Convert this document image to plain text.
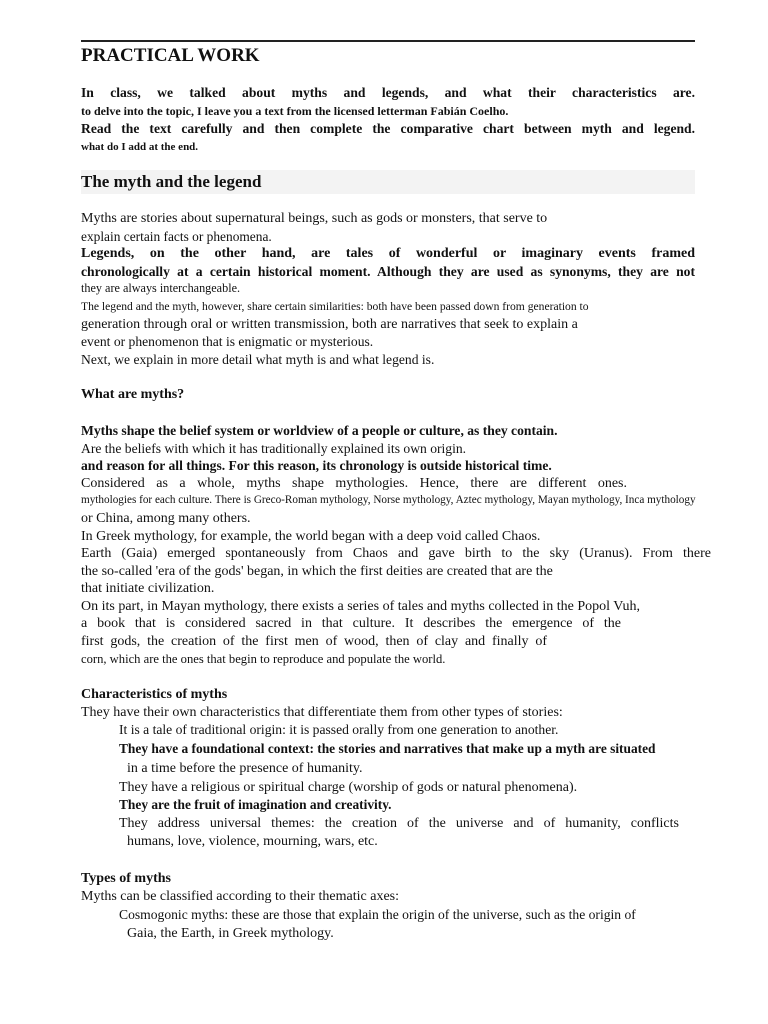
PRACTICAL WORK
In class, we talked about myths and legends, and what their characteristics are.
to delve into the topic, I leave you a text from the licensed letterman Fabián Coelho.
Read the text carefully and then complete the comparative chart between myth and legend.
what do I add at the end.
The myth and the legend
Myths are stories about supernatural beings, such as gods or monsters, that serve to
explain certain facts or phenomena.
Legends, on the other hand, are tales of wonderful or imaginary events framed
chronologically at a certain historical moment. Although they are used as synonyms, they are not
they are always interchangeable.
The legend and the myth, however, share certain similarities: both have been passed down from generation to
generation through oral or written transmission, both are narratives that seek to explain a
event or phenomenon that is enigmatic or mysterious.
Next, we explain in more detail what myth is and what legend is.
What are myths?
Myths shape the belief system or worldview of a people or culture, as they contain.
Are the beliefs with which it has traditionally explained its own origin.
and reason for all things. For this reason, its chronology is outside historical time.
Considered as a whole, myths shape mythologies. Hence, there are different ones.
mythologies for each culture. There is Greco-Roman mythology, Norse mythology, Aztec mythology, Mayan mythology, Inca mythology
or China, among many others.
In Greek mythology, for example, the world began with a deep void called Chaos.
Earth (Gaia) emerged spontaneously from Chaos and gave birth to the sky (Uranus). From there
the so-called 'era of the gods' began, in which the first deities are created that are the
that initiate civilization.
On its part, in Mayan mythology, there exists a series of tales and myths collected in the Popol Vuh,
a book that is considered sacred in that culture. It describes the emergence of the
first gods, the creation of the first men of wood, then of clay and finally of
corn, which are the ones that begin to reproduce and populate the world.
Characteristics of myths
They have their own characteristics that differentiate them from other types of stories:
It is a tale of traditional origin: it is passed orally from one generation to another.
They have a foundational context: the stories and narratives that make up a myth are situated
in a time before the presence of humanity.
They have a religious or spiritual charge (worship of gods or natural phenomena).
They are the fruit of imagination and creativity.
They address universal themes: the creation of the universe and of humanity, conflicts
humans, love, violence, mourning, wars, etc.
Types of myths
Myths can be classified according to their thematic axes:
Cosmogonic myths: these are those that explain the origin of the universe, such as the origin of
Gaia, the Earth, in Greek mythology.
